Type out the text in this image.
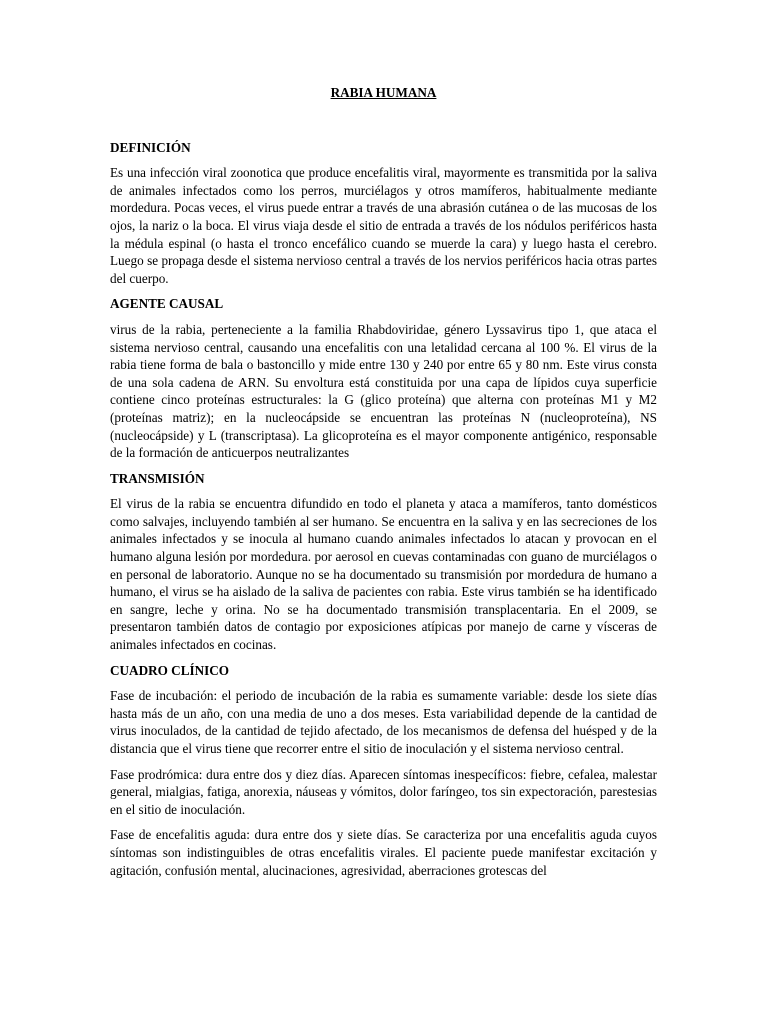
RABIA HUMANA
DEFINICIÓN

Es una infección viral zoonotica que produce encefalitis viral, mayormente es transmitida por la saliva de animales infectados como los perros, murciélagos y otros mamíferos, habitualmente mediante mordedura. Pocas veces, el virus puede entrar a través de una abrasión cutánea o de las mucosas de los ojos, la nariz o la boca. El virus viaja desde el sitio de entrada a través de los nódulos periféricos hasta la médula espinal (o hasta el tronco encefálico cuando se muerde la cara) y luego hasta el cerebro. Luego se propaga desde el sistema nervioso central a través de los nervios periféricos hacia otras partes del cuerpo.

AGENTE CAUSAL

virus de la rabia, perteneciente a la familia Rhabdoviridae, género Lyssavirus tipo 1, que ataca el sistema nervioso central, causando una encefalitis con una letalidad cercana al 100 %. El virus de la rabia tiene forma de bala o bastoncillo y mide entre 130 y 240 por entre 65 y 80 nm. Este virus consta de una sola cadena de ARN. Su envoltura está constituida por una capa de lípidos cuya superficie contiene cinco proteínas estructurales: la G (glico proteína) que alterna con proteínas M1 y M2 (proteínas matriz); en la nucleocápside se encuentran las proteínas N (nucleoproteína), NS (nucleocápside) y L (transcriptasa). La glicoproteína es el mayor componente antigénico, responsable de la formación de anticuerpos neutralizantes

TRANSMISIÓN

El virus de la rabia se encuentra difundido en todo el planeta y ataca a mamíferos, tanto domésticos como salvajes, incluyendo también al ser humano. Se encuentra en la saliva y en las secreciones de los animales infectados y se inocula al humano cuando animales infectados lo atacan y provocan en el humano alguna lesión por mordedura. por aerosol en cuevas contaminadas con guano de murciélagos o en personal de laboratorio. Aunque no se ha documentado su transmisión por mordedura de humano a humano, el virus se ha aislado de la saliva de pacientes con rabia. Este virus también se ha identificado en sangre, leche y orina. No se ha documentado transmisión transplacentaria. En el 2009, se presentaron también datos de contagio por exposiciones atípicas por manejo de carne y vísceras de animales infectados en cocinas.

CUADRO CLÍNICO

Fase de incubación: el periodo de incubación de la rabia es sumamente variable: desde los siete días hasta más de un año, con una media de uno a dos meses. Esta variabilidad depende de la cantidad de virus inoculados, de la cantidad de tejido afectado, de los mecanismos de defensa del huésped y de la distancia que el virus tiene que recorrer entre el sitio de inoculación y el sistema nervioso central.

Fase prodrómica: dura entre dos y diez días. Aparecen síntomas inespecíficos: fiebre, cefalea, malestar general, mialgias, fatiga, anorexia, náuseas y vómitos, dolor faríngeo, tos sin expectoración, parestesias en el sitio de inoculación.

Fase de encefalitis aguda: dura entre dos y siete días. Se caracteriza por una encefalitis aguda cuyos síntomas son indistinguibles de otras encefalitis virales. El paciente puede manifestar excitación y agitación, confusión mental, alucinaciones, agresividad, aberraciones grotescas del
